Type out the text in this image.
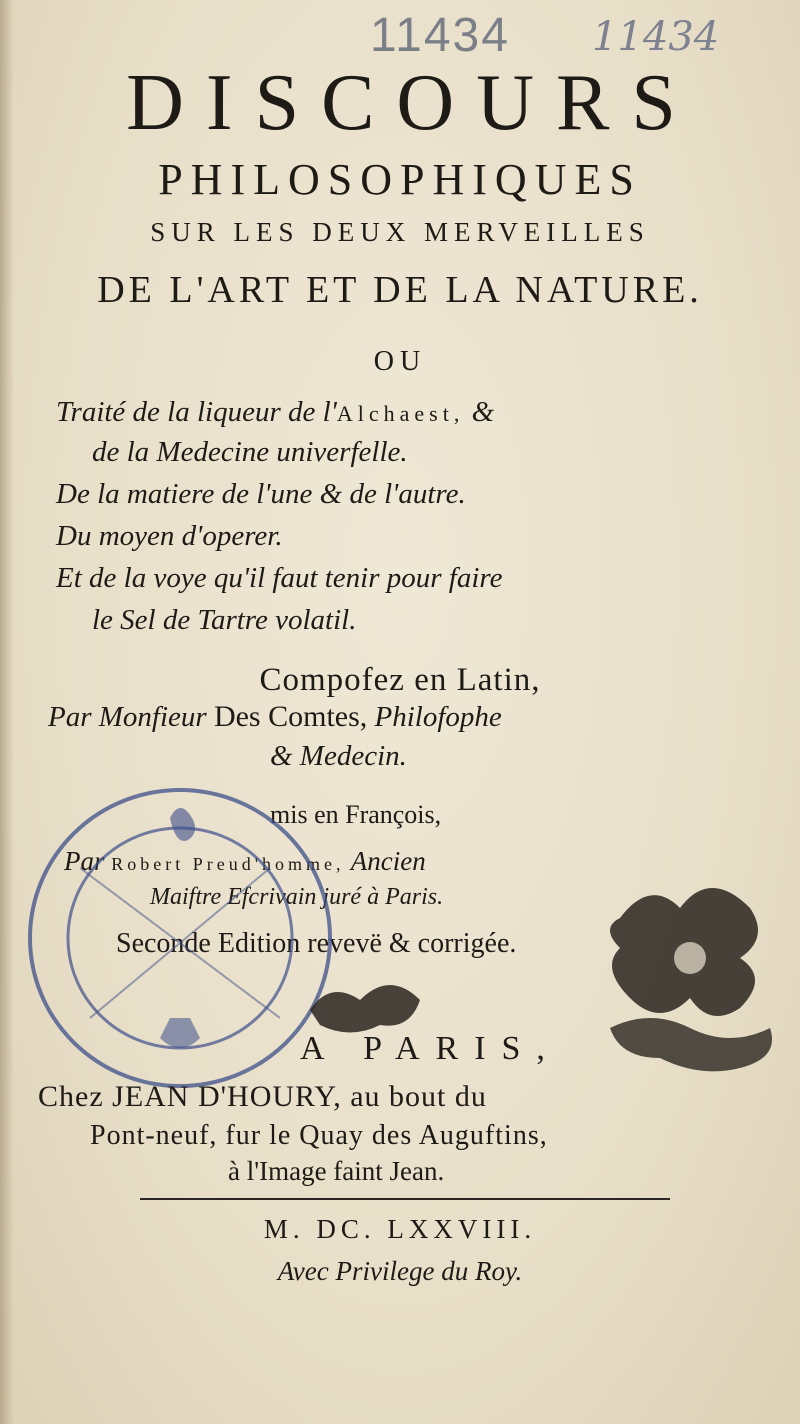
11434 11434
DISCOURS
PHILOSOPHIQUES
SUR LES DEUX MERVEILLES
DE L'ART ET DE LA NATURE.
OU
Traité de la liqueur de l'Alchaest, &
de la Medecine univerfelle.
De la matiere de l'une & de l'autre.
Du moyen d'operer.
Et de la voye qu'il faut tenir pour faire
le Sel de Tartre volatil.
Compofez en Latin,
Par Monfieur Des Comtes, Philofophe
& Medecin.
mis en François,
Par Robert Preud'homme, Ancien
Maiftre Efcrivain juré à Paris.
Seconde Edition revevë & corrigée.
A PARIS,
Chez JEAN D'HOURY, au bout du
Pont-neuf, fur le Quay des Auguftins,
à l'Image faint Jean.
M. DC. LXXVIII.
Avec Privilege du Roy.
